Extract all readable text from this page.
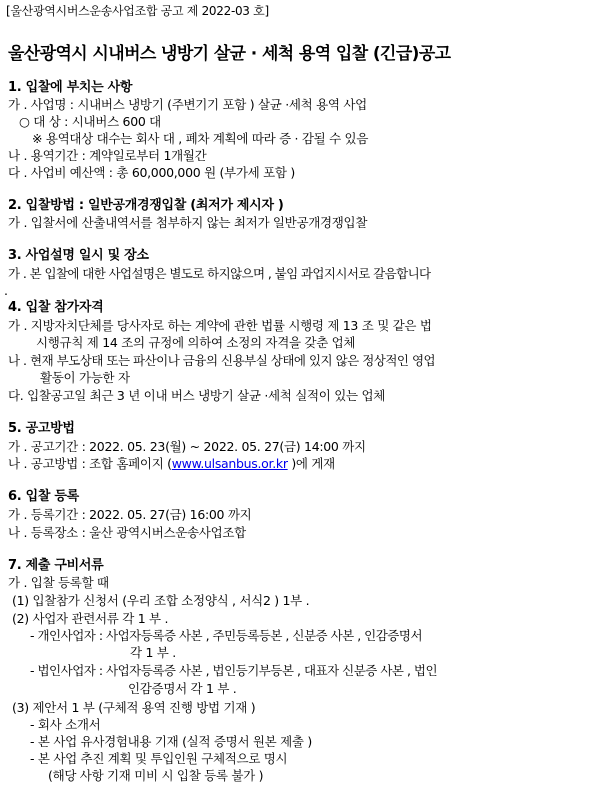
[울산광역시버스운송사업조합 공고 제 2022-03 호]
울산광역시 시내버스 냉방기 살균 · 세척 용역 입찰 (긴급)공고
1. 입찰에 부치는 사항
가 . 사업명 : 시내버스 냉방기 (주변기기 포함 ) 살균 ·세척 용역 사업
○ 대 상 : 시내버스 600 대
※ 용역대상 대수는 회사 대 , 폐차 계획에 따라 증 · 감될 수 있음
나 . 용역기간 : 계약일로부터 1개월간
다 . 사업비 예산액 : 총 60,000,000 원 (부가세 포함 )
2. 입찰방법 : 일반공개경쟁입찰 (최저가 제시자 )
가 . 입찰서에 산출내역서를 첨부하지 않는 최저가 일반공개경쟁입찰
3. 사업설명 일시 및 장소
가 . 본 입찰에 대한 사업설명은 별도로 하지않으며 , 붙임 과업지시서로 갈음합니다
.
4. 입찰 참가자격
가 . 지방자치단체를 당사자로 하는 계약에 관한 법률 시행령 제 13 조 및 같은 법
시행규칙 제 14 조의 규정에 의하여 소정의 자격을 갖춘 업체
나 . 현재 부도상태 또는 파산이나 금융의 신용부실 상태에 있지 않은 정상적인 영업
활동이 가능한 자
다. 입찰공고일 최근 3 년 이내 버스 냉방기 살균 ·세척 실적이 있는 업체
5. 공고방법
가 . 공고기간 : 2022. 05. 23(월) ~ 2022. 05. 27(금) 14:00 까지
나 . 공고방법 : 조합 홈페이지 (www.ulsanbus.or.kr )에 게재
6. 입찰 등록
가 . 등록기간 : 2022. 05. 27(금) 16:00 까지
나 . 등록장소 : 울산 광역시버스운송사업조합
7. 제출 구비서류
가 . 입찰 등록할 때
(1) 입찰참가 신청서 (우리 조합 소정양식 , 서식2 ) 1부 .
(2) 사업자 관련서류 각 1 부 .
- 개인사업자 : 사업자등록증 사본 , 주민등록등본 , 신분증 사본 , 인감증명서
각 1 부 .
- 법인사업자 : 사업자등록증 사본 , 법인등기부등본 , 대표자 신분증 사본 , 법인
인감증명서 각 1 부 .
(3) 제안서 1 부 (구체적 용역 진행 방법 기재 )
- 회사 소개서
- 본 사업 유사경험내용 기재 (실적 증명서 원본 제출 )
- 본 사업 추진 계획 및 투입인원 구체적으로 명시
(해당 사항 기재 미비 시 입찰 등록 불가 )
